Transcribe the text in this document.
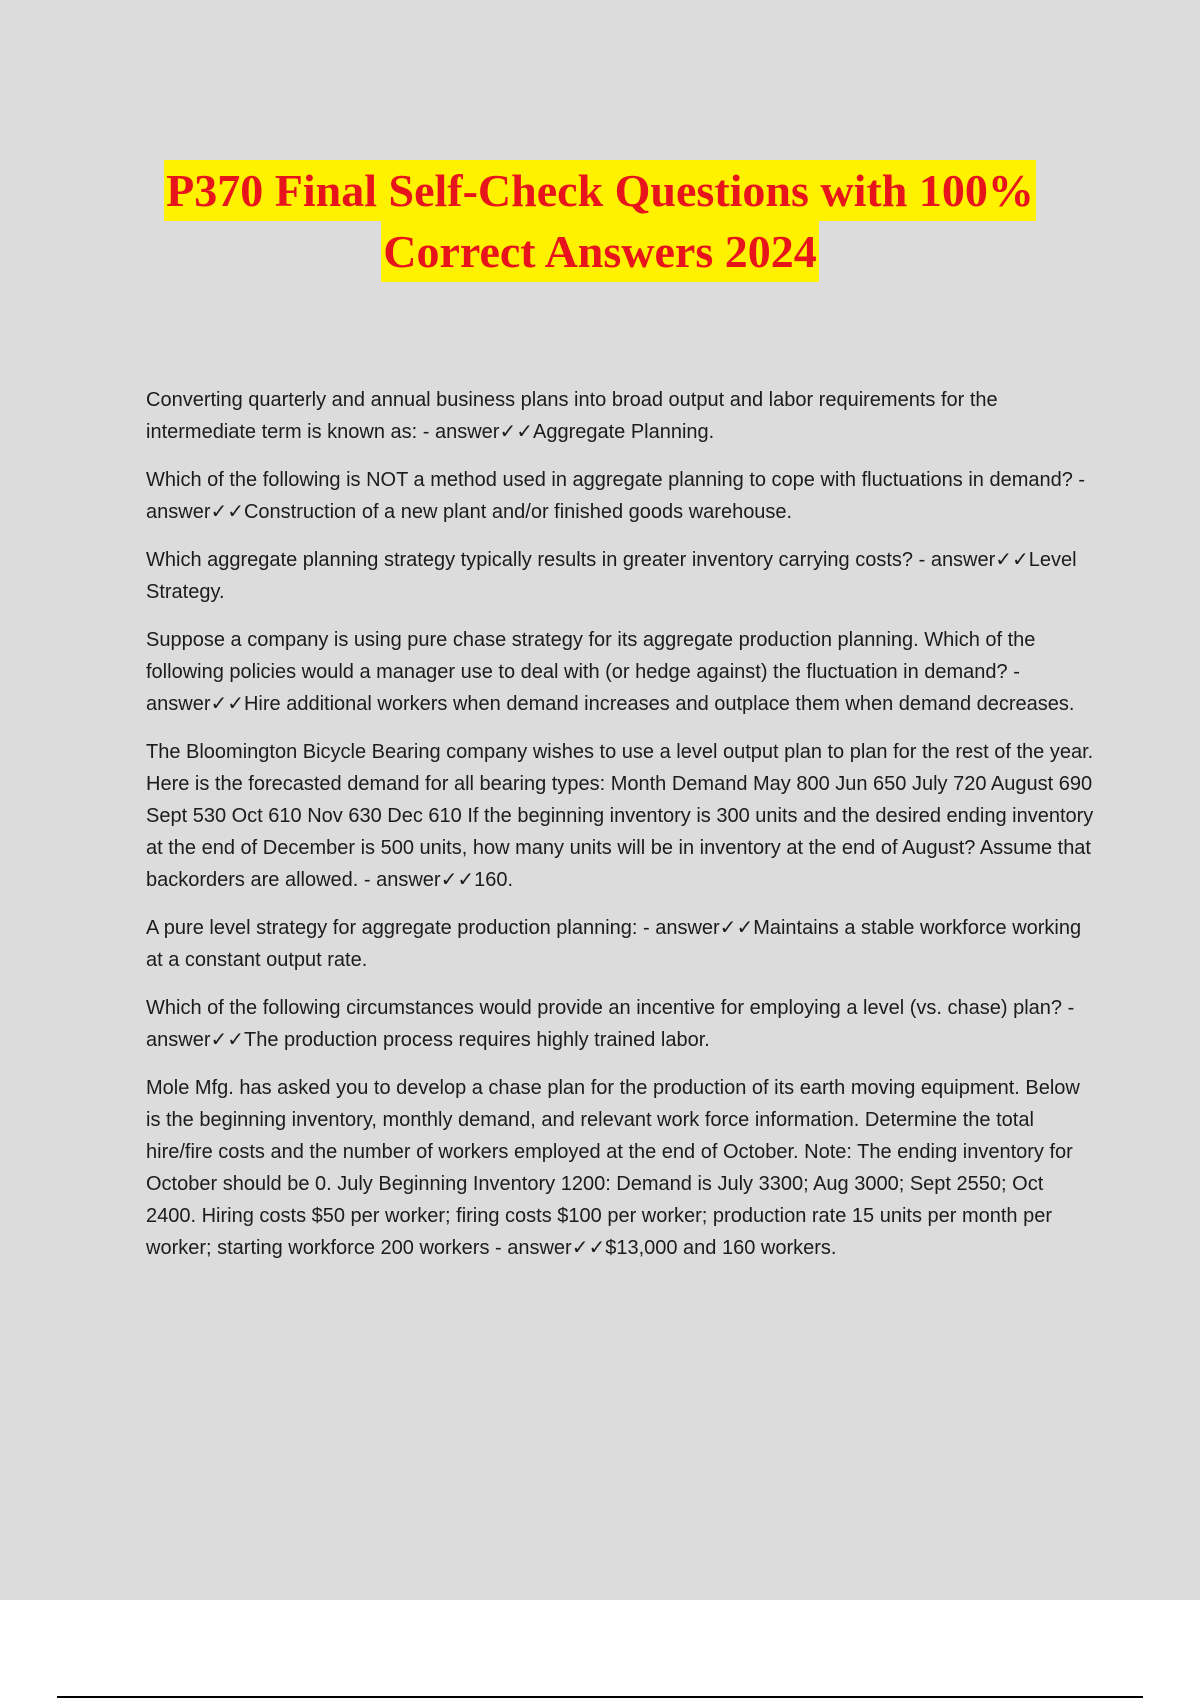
P370 Final Self-Check Questions with 100%
Correct Answers 2024

Converting quarterly and annual business plans into broad output and labor requirements for the intermediate term is known as: - answer✓✓Aggregate Planning.

Which of the following is NOT a method used in aggregate planning to cope with fluctuations in demand? - answer✓✓Construction of a new plant and/or finished goods warehouse.

Which aggregate planning strategy typically results in greater inventory carrying costs? - answer✓✓Level Strategy.

Suppose a company is using pure chase strategy for its aggregate production planning. Which of the following policies would a manager use to deal with (or hedge against) the fluctuation in demand? - answer✓✓Hire additional workers when demand increases and outplace them when demand decreases.

The Bloomington Bicycle Bearing company wishes to use a level output plan to plan for the rest of the year. Here is the forecasted demand for all bearing types: Month Demand May 800 Jun 650 July 720 August 690 Sept 530 Oct 610 Nov 630 Dec 610 If the beginning inventory is 300 units and the desired ending inventory at the end of December is 500 units, how many units will be in inventory at the end of August? Assume that backorders are allowed. - answer✓✓160.

A pure level strategy for aggregate production planning: - answer✓✓Maintains a stable workforce working at a constant output rate.

Which of the following circumstances would provide an incentive for employing a level (vs. chase) plan? - answer✓✓The production process requires highly trained labor.

Mole Mfg. has asked you to develop a chase plan for the production of its earth moving equipment. Below is the beginning inventory, monthly demand, and relevant work force information. Determine the total hire/fire costs and the number of workers employed at the end of October. Note: The ending inventory for October should be 0. July Beginning Inventory 1200: Demand is July 3300; Aug 3000; Sept 2550; Oct 2400. Hiring costs $50 per worker; firing costs $100 per worker; production rate 15 units per month per worker; starting workforce 200 workers - answer✓✓$13,000 and 160 workers.
